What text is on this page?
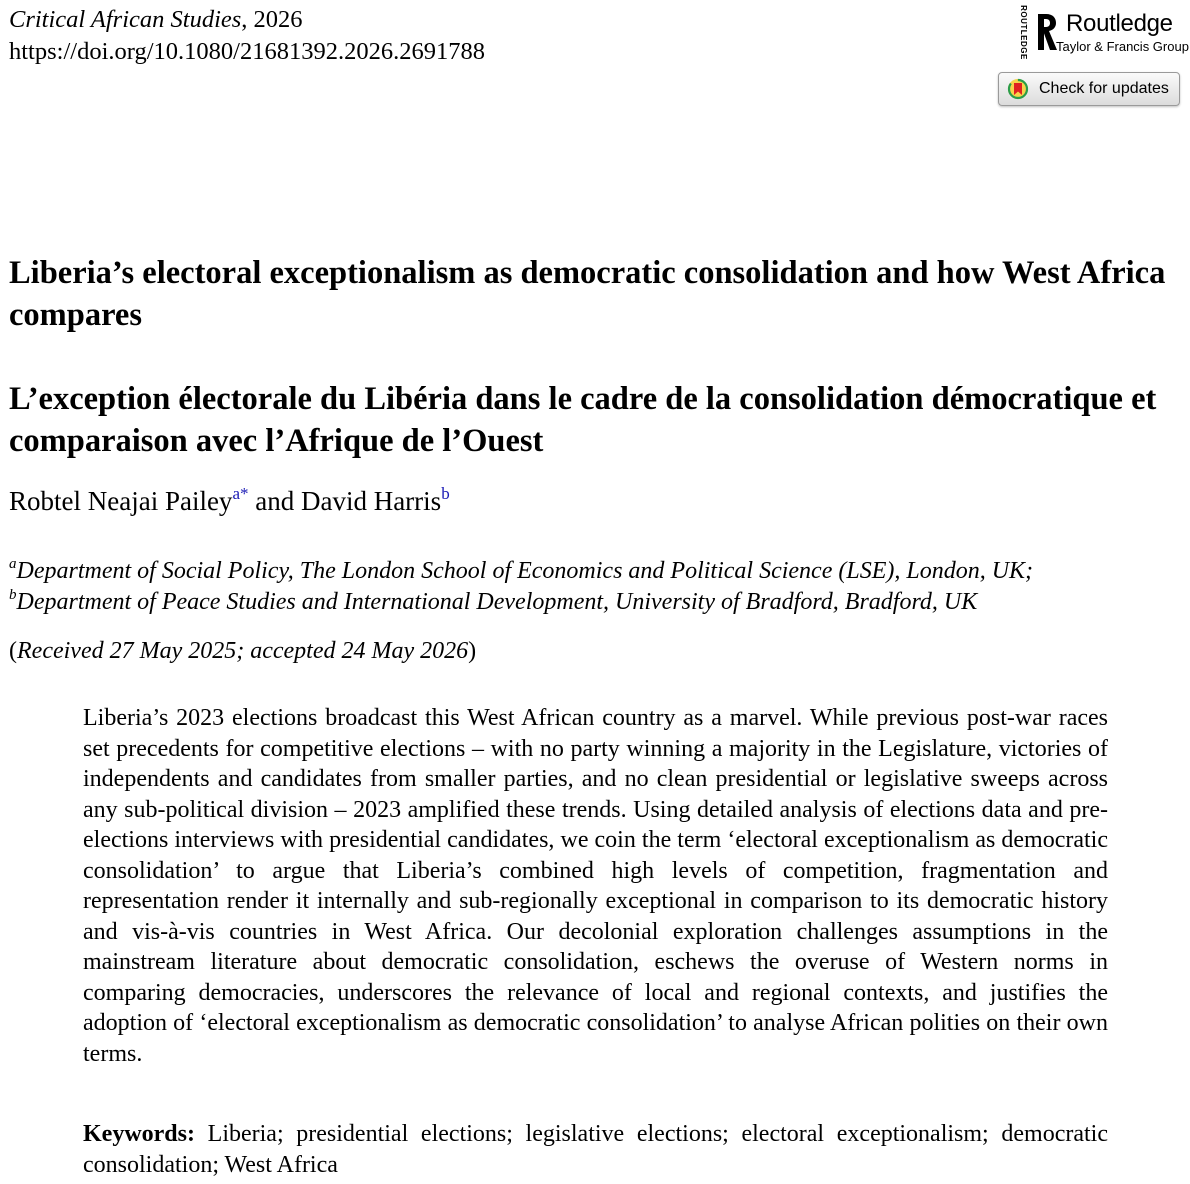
Critical African Studies, 2026
https://doi.org/10.1080/21681392.2026.2691788	ROUTLEDGE Routledge
Taylor & Francis Group
Check for updates
Liberia’s electoral exceptionalism as democratic consolidation and how West Africa compares
L’exception électorale du Libéria dans le cadre de la consolidation démocratique et comparaison avec l’Afrique de l’Ouest
Robtel Neajai Pailey$^{a*}$ and David Harris$^b$
$^a$Department of Social Policy, The London School of Economics and Political Science (LSE), London, UK;
$^b$Department of Peace Studies and International Development, University of Bradford, Bradford, UK
(Received 27 May 2025; accepted 24 May 2026)

Liberia’s 2023 elections broadcast this West African country as a marvel. While previous post-war races set precedents for competitive elections – with no party winning a majority in the Legislature, victories of independents and candidates from smaller parties, and no clean presidential or legislative sweeps across any sub-political division – 2023 amplified these trends. Using detailed analysis of elections data and pre-elections interviews with presidential candidates, we coin the term ‘electoral exceptionalism as democratic consolidation’ to argue that Liberia’s combined high levels of competition, fragmentation and representation render it internally and sub-regionally exceptional in comparison to its democratic history and vis-à-vis countries in West Africa. Our decolonial exploration challenges assumptions in the mainstream literature about democratic consolidation, eschews the overuse of Western norms in comparing democracies, underscores the relevance of local and regional contexts, and justifies the adoption of ‘electoral exceptionalism as democratic consolidation’ to analyse African polities on their own terms.

Keywords: Liberia; presidential elections; legislative elections; electoral exceptionalism; democratic consolidation; West Africa
